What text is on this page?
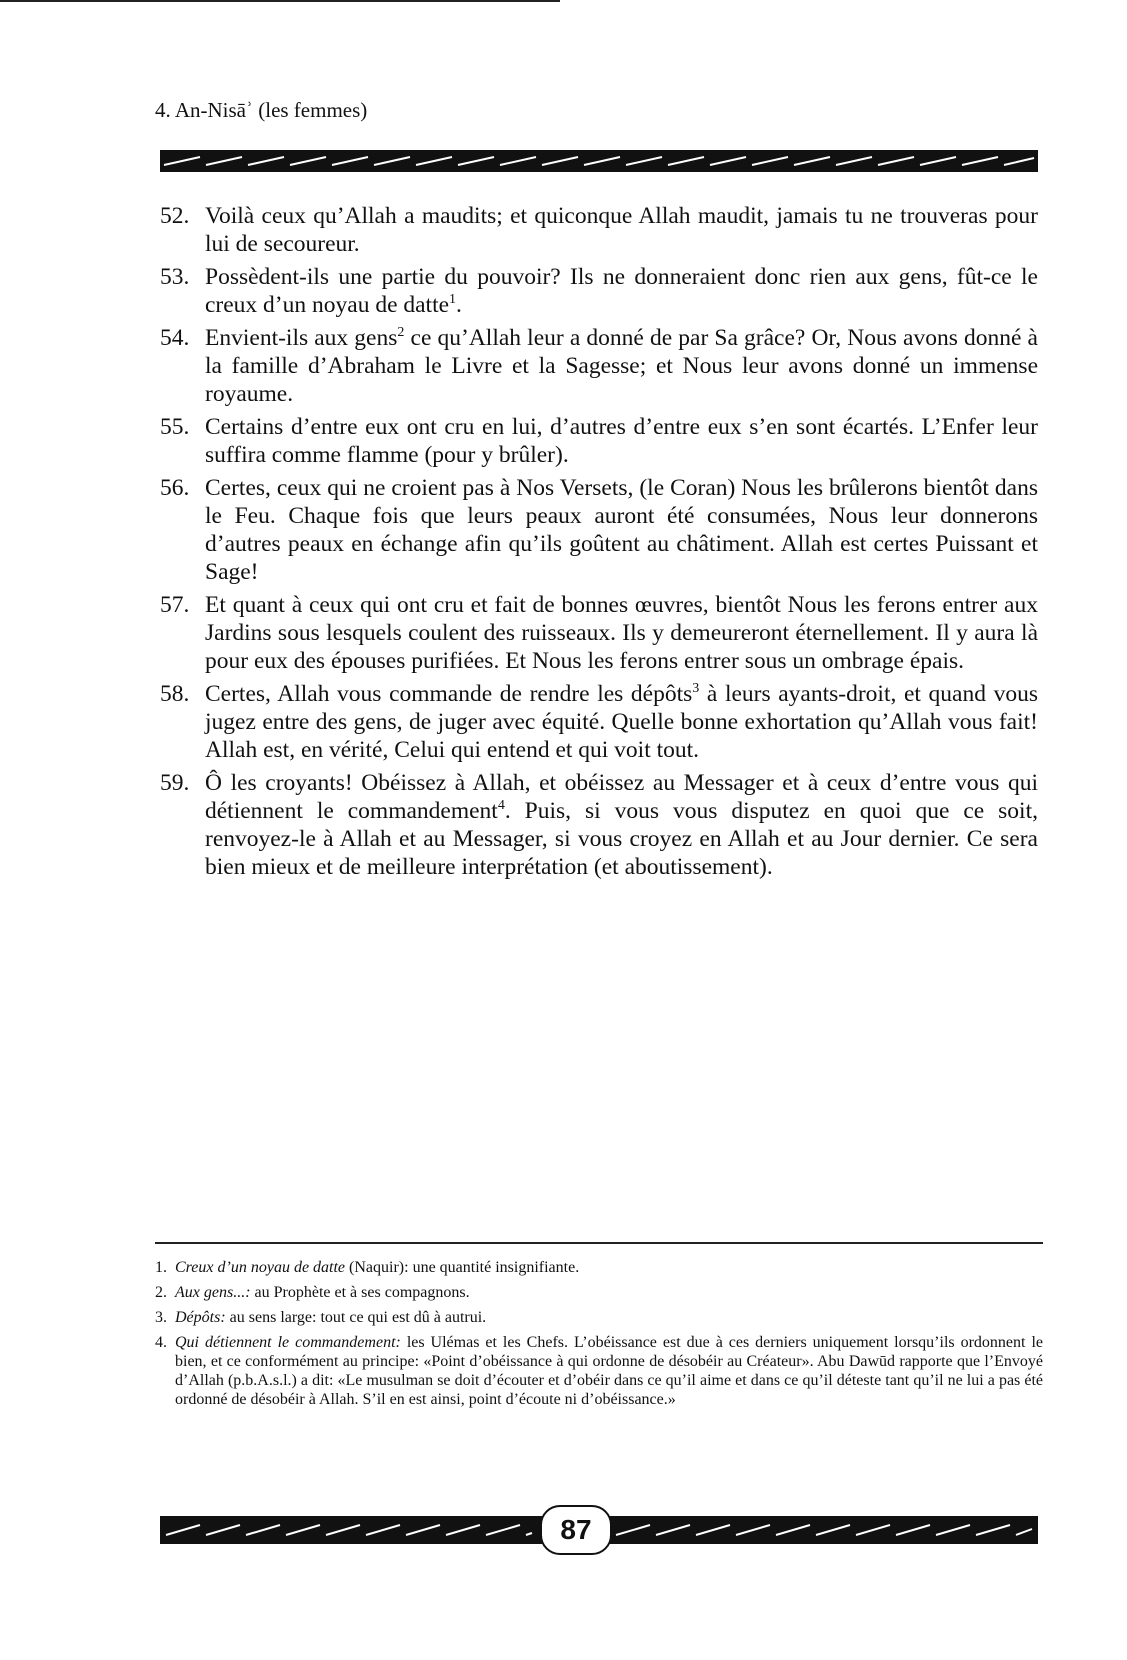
4. An-Nisāʾ (les femmes)
52. Voilà ceux qu’Allah a maudits; et quiconque Allah maudit, jamais tu ne trouveras pour lui de secoureur.
53. Possèdent-ils une partie du pouvoir? Ils ne donneraient donc rien aux gens, fût-ce le creux d’un noyau de datte$^1$.
54. Envient-ils aux gens$^2$ ce qu’Allah leur a donné de par Sa grâce? Or, Nous avons donné à la famille d’Abraham le Livre et la Sagesse; et Nous leur avons donné un immense royaume.
55. Certains d’entre eux ont cru en lui, d’autres d’entre eux s’en sont écartés. L’Enfer leur suffira comme flamme (pour y brûler).
56. Certes, ceux qui ne croient pas à Nos Versets, (le Coran) Nous les brûlerons bientôt dans le Feu. Chaque fois que leurs peaux auront été consumées, Nous leur donnerons d’autres peaux en échange afin qu’ils goûtent au châtiment. Allah est certes Puissant et Sage!
57. Et quant à ceux qui ont cru et fait de bonnes œuvres, bientôt Nous les ferons entrer aux Jardins sous lesquels coulent des ruisseaux. Ils y demeureront éternellement. Il y aura là pour eux des épouses purifiées. Et Nous les ferons entrer sous un ombrage épais.
58. Certes, Allah vous commande de rendre les dépôts$^3$ à leurs ayants-droit, et quand vous jugez entre des gens, de juger avec équité. Quelle bonne exhortation qu’Allah vous fait! Allah est, en vérité, Celui qui entend et qui voit tout.
59. Ô les croyants! Obéissez à Allah, et obéissez au Messager et à ceux d’entre vous qui détiennent le commandement$^4$. Puis, si vous vous disputez en quoi que ce soit, renvoyez-le à Allah et au Messager, si vous croyez en Allah et au Jour dernier. Ce sera bien mieux et de meilleure interprétation (et aboutissement).
1. Creux d’un noyau de datte (Naquir): une quantité insignifiante.
2. Aux gens...: au Prophète et à ses compagnons.
3. Dépôts: au sens large: tout ce qui est dû à autrui.
4. Qui détiennent le commandement: les Ulémas et les Chefs. L’obéissance est due à ces derniers uniquement lorsqu’ils ordonnent le bien, et ce conformément au principe: «Point d’obéissance à qui ordonne de désobéir au Créateur». Abu Dawūd rapporte que l’Envoyé d’Allah (p.b.A.s.l.) a dit: «Le musulman se doit d’écouter et d’obéir dans ce qu’il aime et dans ce qu’il déteste tant qu’il ne lui a pas été ordonné de désobéir à Allah. S’il en est ainsi, point d’écoute ni d’obéissance.»
87
